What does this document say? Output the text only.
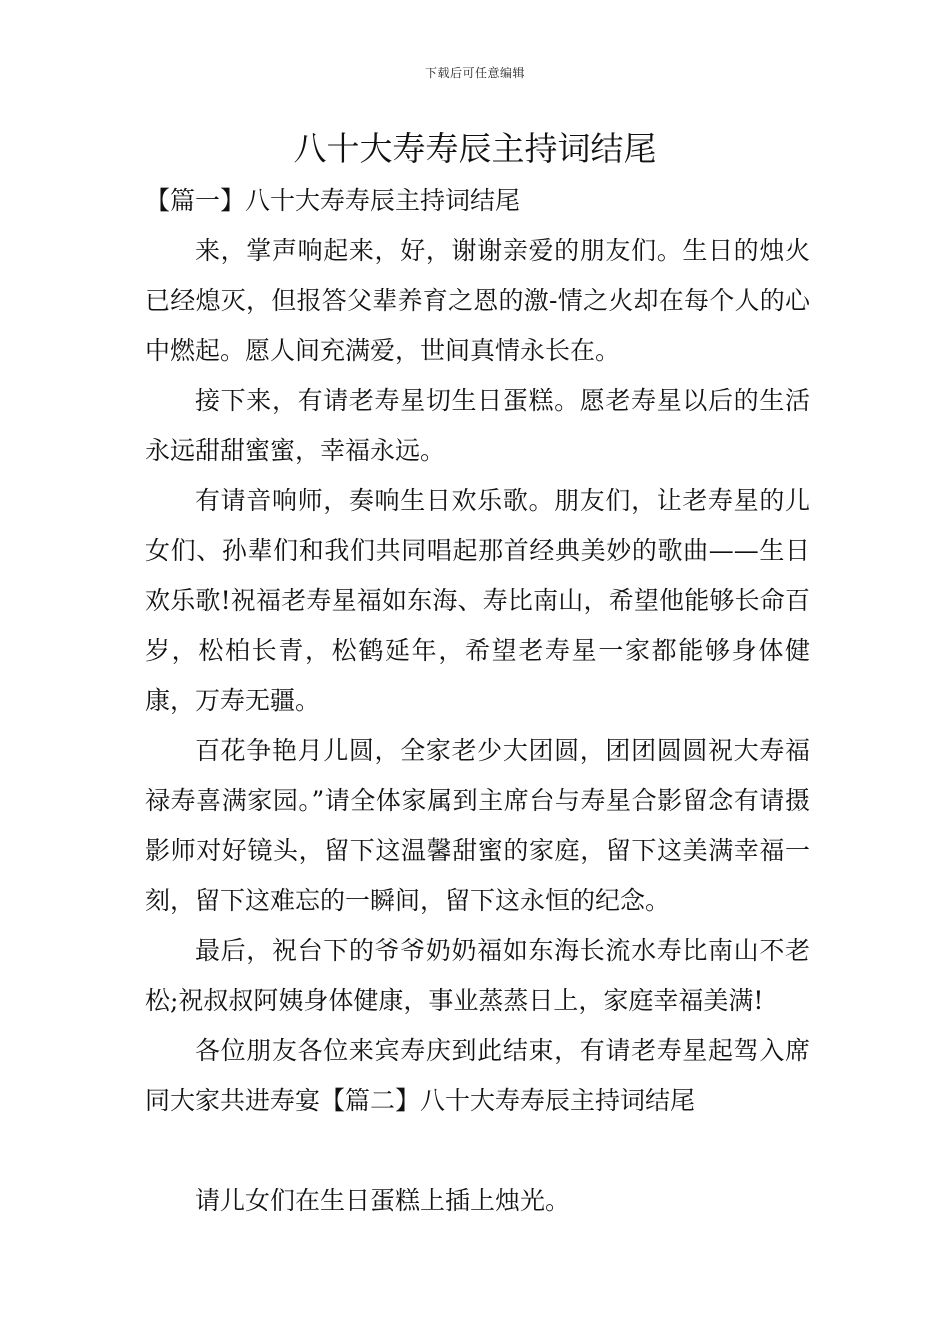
下载后可任意编辑
八十大寿寿辰主持词结尾

【篇一】八十大寿寿辰主持词结尾

来，掌声响起来，好，谢谢亲爱的朋友们。生日的烛火已经熄灭，但报答父辈养育之恩的激-情之火却在每个人的心中燃起。愿人间充满爱，世间真情永长在。

接下来，有请老寿星切生日蛋糕。愿老寿星以后的生活永远甜甜蜜蜜，幸福永远。

有请音响师，奏响生日欢乐歌。朋友们，让老寿星的儿女们、孙辈们和我们共同唱起那首经典美妙的歌曲——生日欢乐歌!祝福老寿星福如东海、寿比南山，希望他能够长命百岁，松柏长青，松鹤延年，希望老寿星一家都能够身体健康，万寿无疆。

百花争艳月儿圆，全家老少大团圆，团团圆圆祝大寿福禄寿喜满家园。”请全体家属到主席台与寿星合影留念有请摄影师对好镜头，留下这温馨甜蜜的家庭，留下这美满幸福一刻，留下这难忘的一瞬间，留下这永恒的纪念。

最后，祝台下的爷爷奶奶福如东海长流水寿比南山不老松;祝叔叔阿姨身体健康，事业蒸蒸日上，家庭幸福美满!

各位朋友各位来宾寿庆到此结束，有请老寿星起驾入席同大家共进寿宴【篇二】八十大寿寿辰主持词结尾

请儿女们在生日蛋糕上插上烛光。
